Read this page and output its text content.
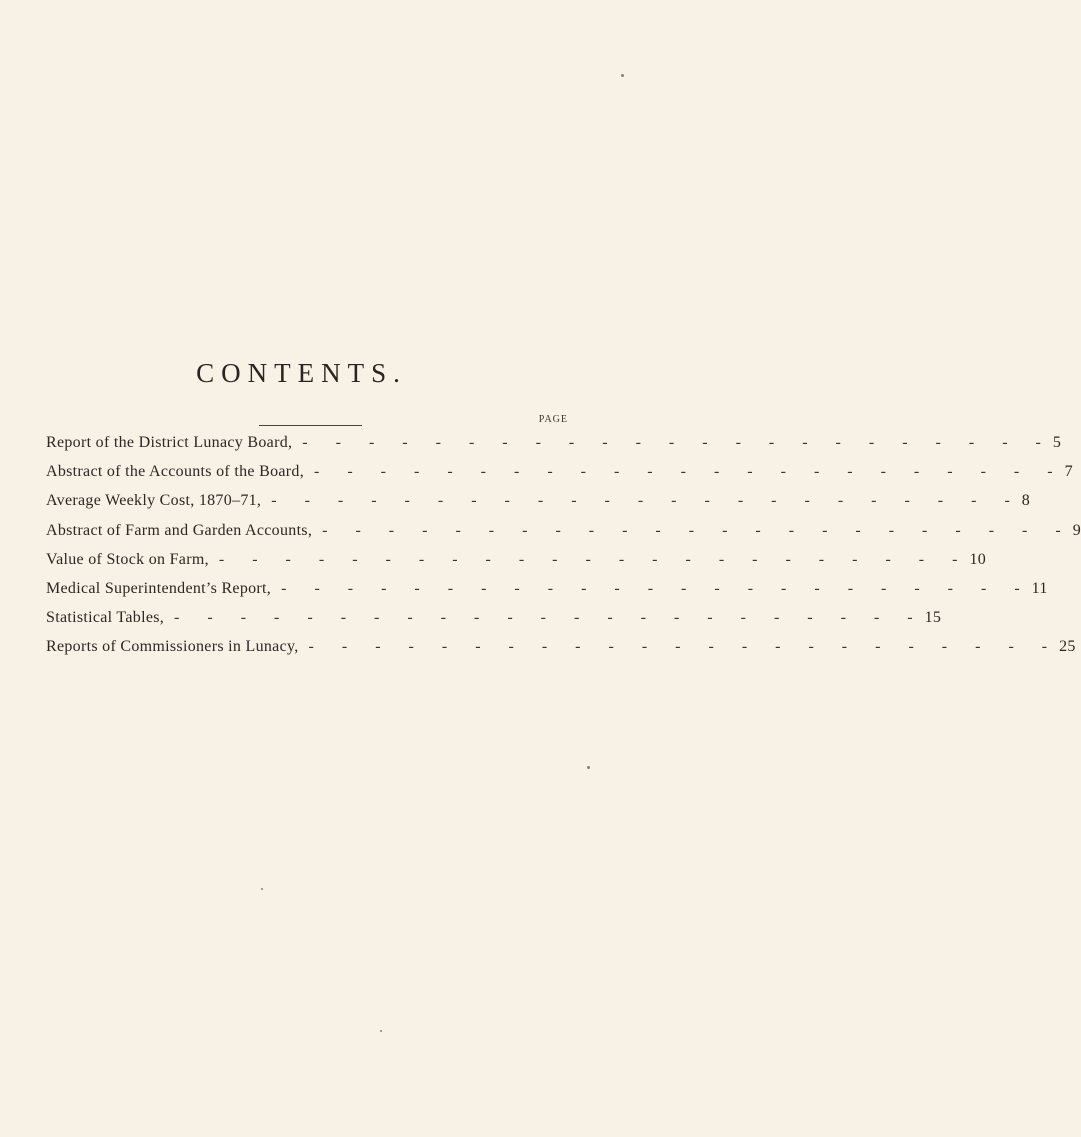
CONTENTS.
PAGE
Report of the District Lunacy Board, - - - - - - - - - - - - - - - - - - - - - - - 5
Abstract of the Accounts of the Board, - - - - - - - - - - - - - - - - - - - - - - - 7
Average Weekly Cost, 1870–71, - - - - - - - - - - - - - - - - - - - - - - - 8
Abstract of Farm and Garden Accounts, - - - - - - - - - - - - - - - - - - - - - - - 9
Value of Stock on Farm, - - - - - - - - - - - - - - - - - - - - - - - 10
Medical Superintendent’s Report, - - - - - - - - - - - - - - - - - - - - - - - 11
Statistical Tables, - - - - - - - - - - - - - - - - - - - - - - - 15
Reports of Commissioners in Lunacy, - - - - - - - - - - - - - - - - - - - - - - - 25
